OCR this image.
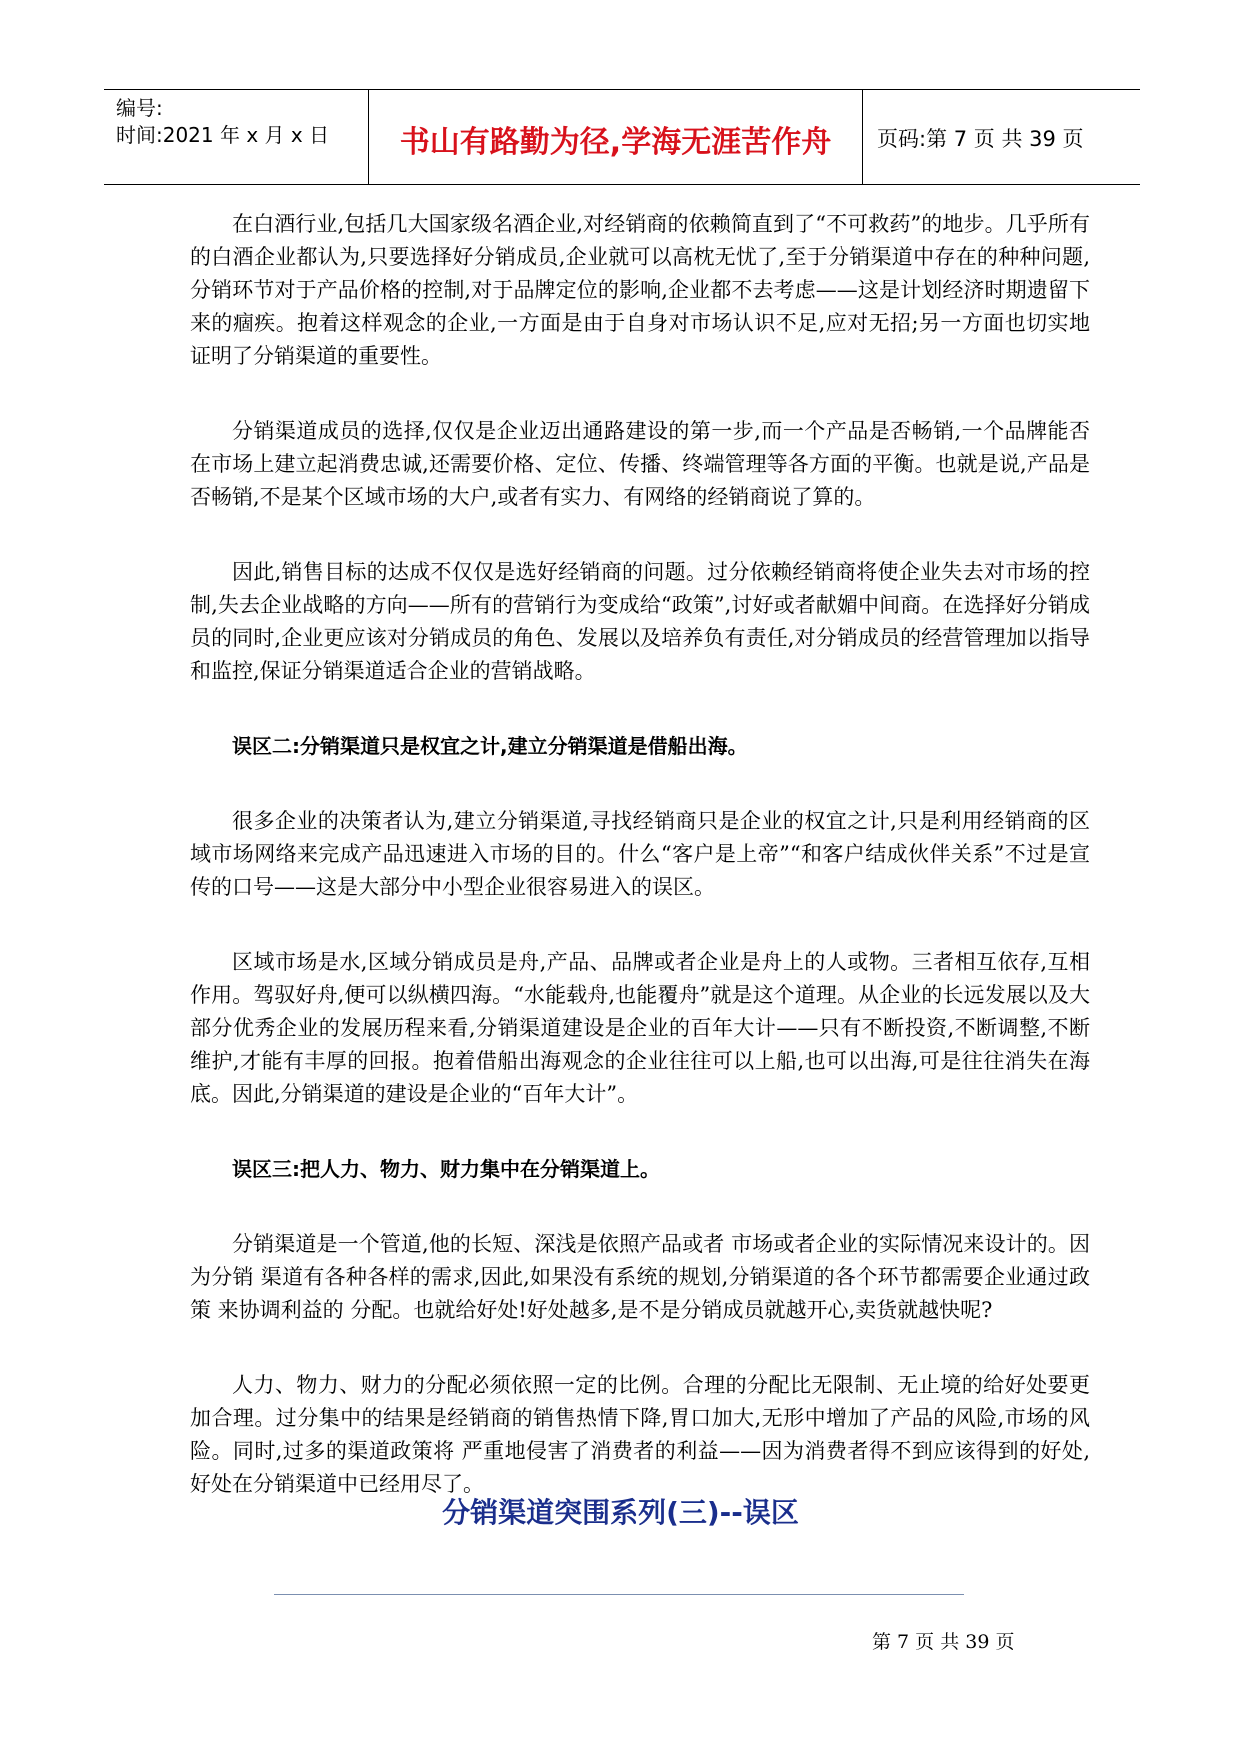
编号:
时间:2021 年 x 月 x 日	书山有路勤为径,学海无涯苦作舟	页码:第 7 页 共 39 页

在白酒行业,包括几大国家级名酒企业,对经销商的依赖简直到了“不可救药”的地步。几乎所有的白酒企业都认为,只要选择好分销成员,企业就可以高枕无忧了,至于分销渠道中存在的种种问题,分销环节对于产品价格的控制,对于品牌定位的影响,企业都不去考虑——这是计划经济时期遗留下来的痼疾。抱着这样观念的企业,一方面是由于自身对市场认识不足,应对无招;另一方面也切实地证明了分销渠道的重要性。

分销渠道成员的选择,仅仅是企业迈出通路建设的第一步,而一个产品是否畅销,一个品牌能否在市场上建立起消费忠诚,还需要价格、定位、传播、终端管理等各方面的平衡。也就是说,产品是否畅销,不是某个区域市场的大户,或者有实力、有网络的经销商说了算的。

因此,销售目标的达成不仅仅是选好经销商的问题。过分依赖经销商将使企业失去对市场的控制,失去企业战略的方向——所有的营销行为变成给“政策”,讨好或者献媚中间商。在选择好分销成员的同时,企业更应该对分销成员的角色、发展以及培养负有责任,对分销成员的经营管理加以指导和监控,保证分销渠道适合企业的营销战略。

误区二:分销渠道只是权宜之计,建立分销渠道是借船出海。

很多企业的决策者认为,建立分销渠道,寻找经销商只是企业的权宜之计,只是利用经销商的区域市场网络来完成产品迅速进入市场的目的。什么“客户是上帝”“和客户结成伙伴关系”不过是宣传的口号——这是大部分中小型企业很容易进入的误区。

区域市场是水,区域分销成员是舟,产品、品牌或者企业是舟上的人或物。三者相互依存,互相作用。驾驭好舟,便可以纵横四海。“水能载舟,也能覆舟”就是这个道理。从企业的长远发展以及大部分优秀企业的发展历程来看,分销渠道建设是企业的百年大计——只有不断投资,不断调整,不断维护,才能有丰厚的回报。抱着借船出海观念的企业往往可以上船,也可以出海,可是往往消失在海底。因此,分销渠道的建设是企业的“百年大计”。

误区三:把人力、物力、财力集中在分销渠道上。

分销渠道是一个管道,他的长短、深浅是依照产品或者 市场或者企业的实际情况来设计的。因为分销 渠道有各种各样的需求,因此,如果没有系统的规划,分销渠道的各个环节都需要企业通过政策 来协调利益的 分配。也就给好处!好处越多,是不是分销成员就越开心,卖货就越快呢?

人力、物力、财力的分配必须依照一定的比例。合理的分配比无限制、无止境的给好处要更加合理。过分集中的结果是经销商的销售热情下降,胃口加大,无形中增加了产品的风险,市场的风险。同时,过多的渠道政策将 严重地侵害了消费者的利益——因为消费者得不到应该得到的好处,好处在分销渠道中已经用尽了。

分销渠道突围系列(三)--误区
第 7 页 共 39 页
